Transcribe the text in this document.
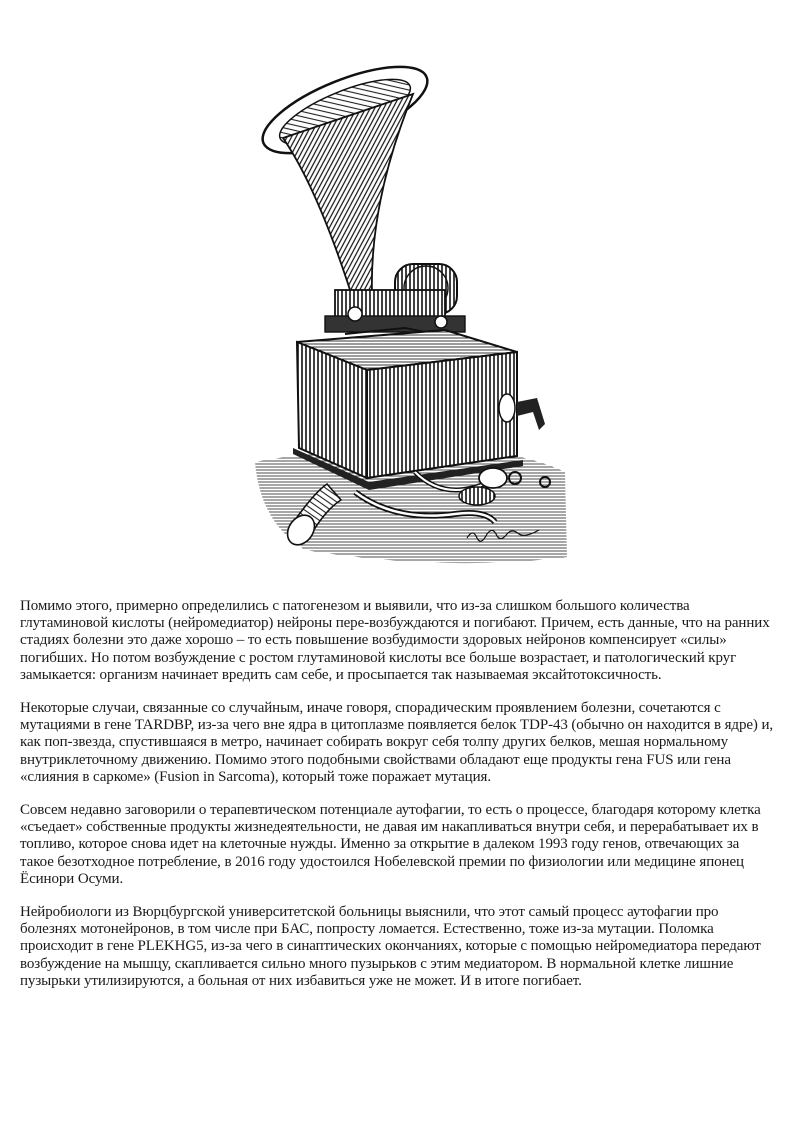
Помимо этого, примерно определились с патогенезом и выявили, что из-за слишком большого количества глутаминовой кислоты (нейромедиатор) нейроны пере-возбуждаются и погибают. Причем, есть данные, что на ранних стадиях болезни это даже хорошо – то есть повышение возбудимости здоровых нейронов компенсирует «силы» погибших. Но потом возбуждение с ростом глутаминовой кислоты все больше возрастает, и патологический круг замыкается: организм начинает вредить сам себе, и просыпается так называемая эксайтотоксичность.

Некоторые случаи, связанные со случайным, иначе говоря, спорадическим проявлением болезни, сочетаются с мутациями в гене TARDBP, из-за чего вне ядра в цитоплазме появляется белок TDP-43 (обычно он находится в ядре) и, как поп-звезда, спустившаяся в метро, начинает собирать вокруг себя толпу других белков, мешая нормальному внутриклеточному движению. Помимо этого подобными свойствами обладают еще продукты гена FUS или гена «слияния в саркоме» (Fusion in Sarcoma), который тоже поражает мутация.

Совсем недавно заговорили о терапевтическом потенциале аутофагии, то есть о процессе, благодаря которому клетка «съедает» собственные продукты жизнедеятельности, не давая им накапливаться внутри себя, и перерабатывает их в топливо, которое снова идет на клеточные нужды. Именно за открытие в далеком 1993 году генов, отвечающих за такое безотходное потребление, в 2016 году удостоился Нобелевской премии по физиологии или медицине японец Ёсинори Осуми.

Нейробиологи из Вюрцбургской университетской больницы выяснили, что этот самый процесс аутофагии про болезнях мотонейронов, в том числе при БАС, попросту ломается. Естественно, тоже из-за мутации. Поломка происходит в гене PLEKHG5, из-за чего в синаптических окончаниях, которые с помощью нейромедиатора передают возбуждение на мышцу, скапливается сильно много пузырьков с этим медиатором. В нормальной клетке лишние пузырьки утилизируются, а больная от них избавиться уже не может. И в итоге погибает.
